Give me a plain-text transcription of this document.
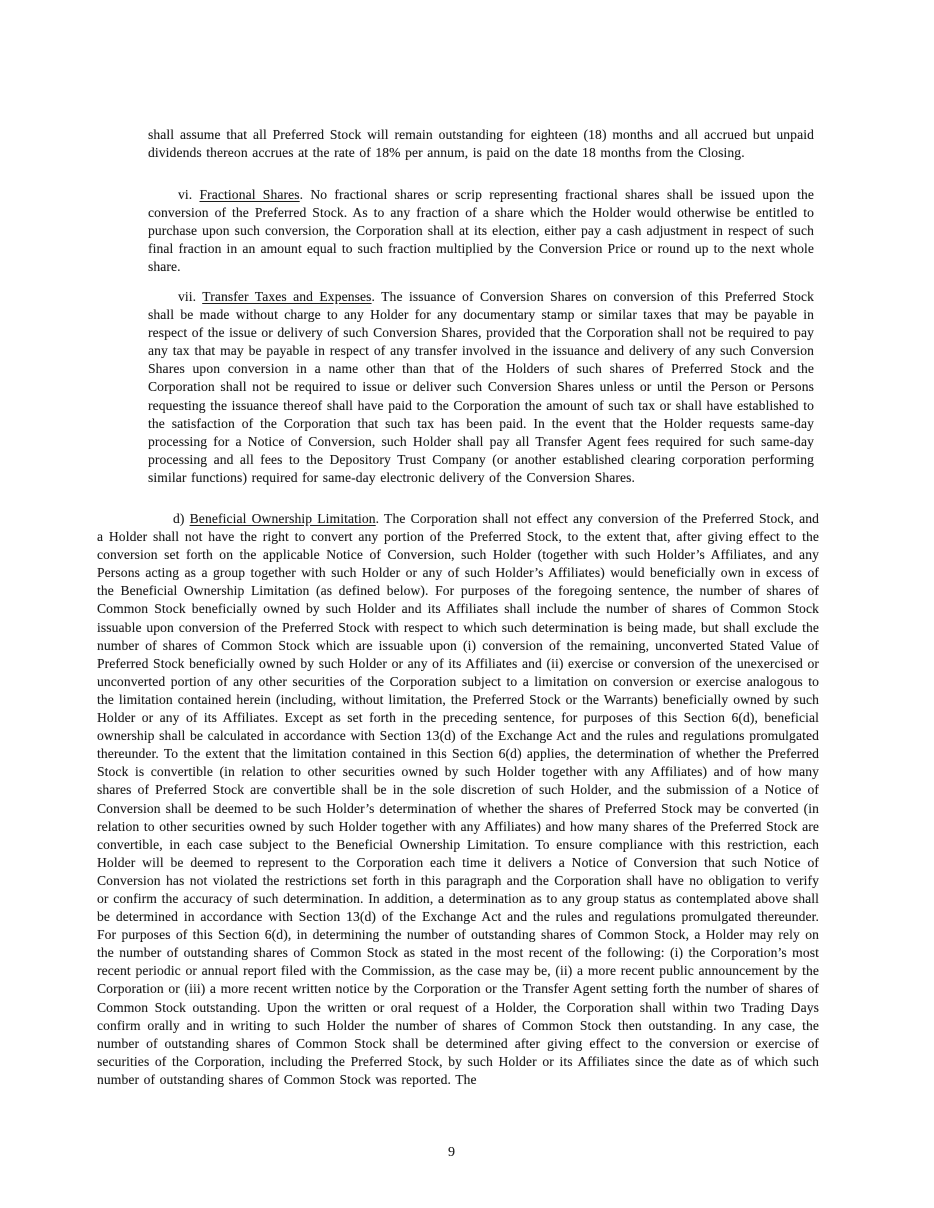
shall assume that all Preferred Stock will remain outstanding for eighteen (18) months and all accrued but unpaid dividends thereon accrues at the rate of 18% per annum, is paid on the date 18 months from the Closing.

vi. Fractional Shares. No fractional shares or scrip representing fractional shares shall be issued upon the conversion of the Preferred Stock. As to any fraction of a share which the Holder would otherwise be entitled to purchase upon such conversion, the Corporation shall at its election, either pay a cash adjustment in respect of such final fraction in an amount equal to such fraction multiplied by the Conversion Price or round up to the next whole share.

vii. Transfer Taxes and Expenses. The issuance of Conversion Shares on conversion of this Preferred Stock shall be made without charge to any Holder for any documentary stamp or similar taxes that may be payable in respect of the issue or delivery of such Conversion Shares, provided that the Corporation shall not be required to pay any tax that may be payable in respect of any transfer involved in the issuance and delivery of any such Conversion Shares upon conversion in a name other than that of the Holders of such shares of Preferred Stock and the Corporation shall not be required to issue or deliver such Conversion Shares unless or until the Person or Persons requesting the issuance thereof shall have paid to the Corporation the amount of such tax or shall have established to the satisfaction of the Corporation that such tax has been paid. In the event that the Holder requests same-day processing for a Notice of Conversion, such Holder shall pay all Transfer Agent fees required for such same-day processing and all fees to the Depository Trust Company (or another established clearing corporation performing similar functions) required for same-day electronic delivery of the Conversion Shares.

d) Beneficial Ownership Limitation. The Corporation shall not effect any conversion of the Preferred Stock, and a Holder shall not have the right to convert any portion of the Preferred Stock, to the extent that, after giving effect to the conversion set forth on the applicable Notice of Conversion, such Holder (together with such Holder’s Affiliates, and any Persons acting as a group together with such Holder or any of such Holder’s Affiliates) would beneficially own in excess of the Beneficial Ownership Limitation (as defined below). For purposes of the foregoing sentence, the number of shares of Common Stock beneficially owned by such Holder and its Affiliates shall include the number of shares of Common Stock issuable upon conversion of the Preferred Stock with respect to which such determination is being made, but shall exclude the number of shares of Common Stock which are issuable upon (i) conversion of the remaining, unconverted Stated Value of Preferred Stock beneficially owned by such Holder or any of its Affiliates and (ii) exercise or conversion of the unexercised or unconverted portion of any other securities of the Corporation subject to a limitation on conversion or exercise analogous to the limitation contained herein (including, without limitation, the Preferred Stock or the Warrants) beneficially owned by such Holder or any of its Affiliates. Except as set forth in the preceding sentence, for purposes of this Section 6(d), beneficial ownership shall be calculated in accordance with Section 13(d) of the Exchange Act and the rules and regulations promulgated thereunder. To the extent that the limitation contained in this Section 6(d) applies, the determination of whether the Preferred Stock is convertible (in relation to other securities owned by such Holder together with any Affiliates) and of how many shares of Preferred Stock are convertible shall be in the sole discretion of such Holder, and the submission of a Notice of Conversion shall be deemed to be such Holder’s determination of whether the shares of Preferred Stock may be converted (in relation to other securities owned by such Holder together with any Affiliates) and how many shares of the Preferred Stock are convertible, in each case subject to the Beneficial Ownership Limitation. To ensure compliance with this restriction, each Holder will be deemed to represent to the Corporation each time it delivers a Notice of Conversion that such Notice of Conversion has not violated the restrictions set forth in this paragraph and the Corporation shall have no obligation to verify or confirm the accuracy of such determination. In addition, a determination as to any group status as contemplated above shall be determined in accordance with Section 13(d) of the Exchange Act and the rules and regulations promulgated thereunder. For purposes of this Section 6(d), in determining the number of outstanding shares of Common Stock, a Holder may rely on the number of outstanding shares of Common Stock as stated in the most recent of the following: (i) the Corporation’s most recent periodic or annual report filed with the Commission, as the case may be, (ii) a more recent public announcement by the Corporation or (iii) a more recent written notice by the Corporation or the Transfer Agent setting forth the number of shares of Common Stock outstanding. Upon the written or oral request of a Holder, the Corporation shall within two Trading Days confirm orally and in writing to such Holder the number of shares of Common Stock then outstanding. In any case, the number of outstanding shares of Common Stock shall be determined after giving effect to the conversion or exercise of securities of the Corporation, including the Preferred Stock, by such Holder or its Affiliates since the date as of which such number of outstanding shares of Common Stock was reported. The

9
